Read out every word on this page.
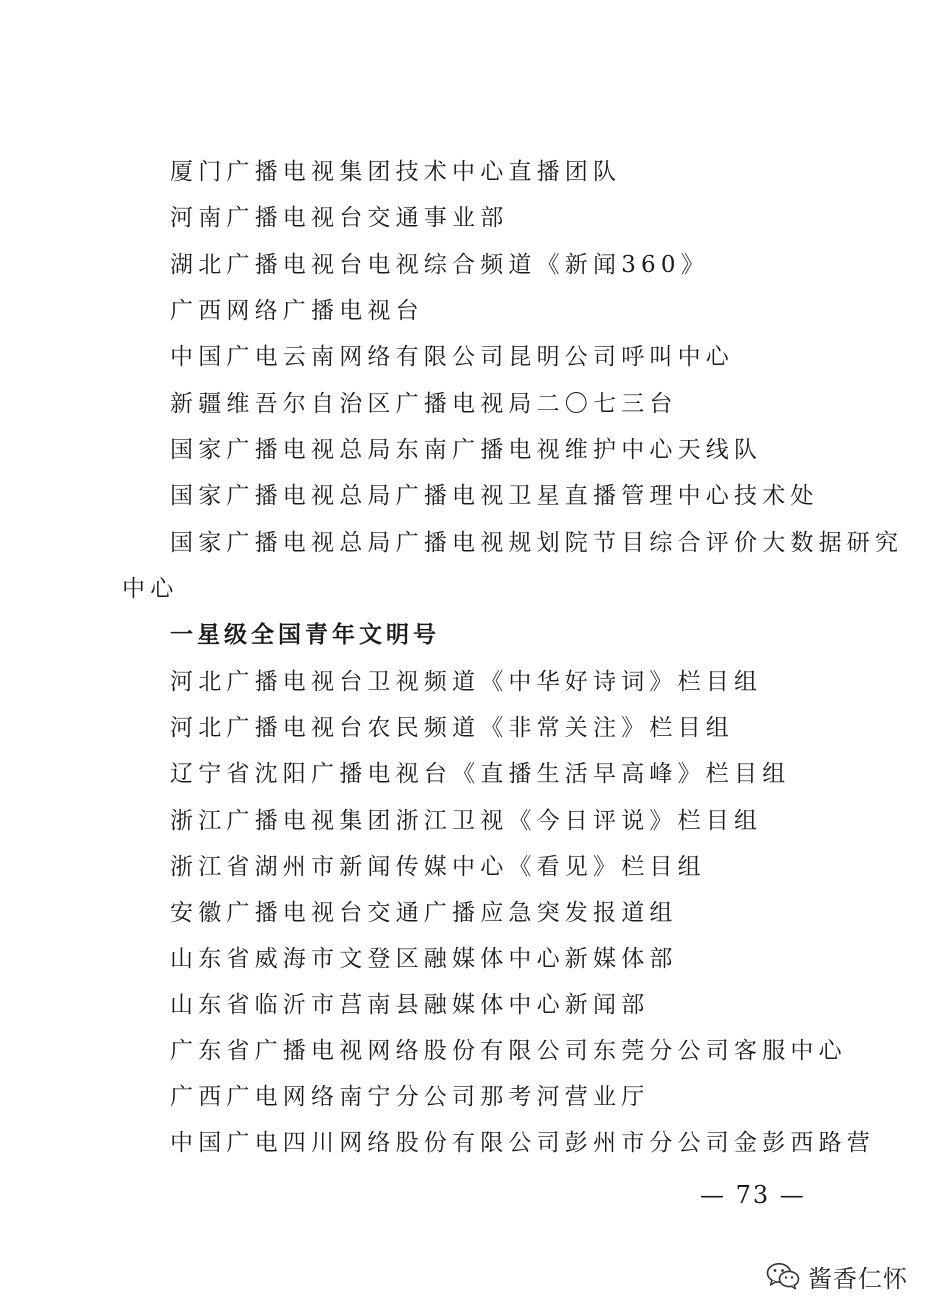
厦门广播电视集团技术中心直播团队
河南广播电视台交通事业部
湖北广播电视台电视综合频道《新闻360》
广西网络广播电视台
中国广电云南网络有限公司昆明公司呼叫中心
新疆维吾尔自治区广播电视局二〇七三台
国家广播电视总局东南广播电视维护中心天线队
国家广播电视总局广播电视卫星直播管理中心技术处
国家广播电视总局广播电视规划院节目综合评价大数据研究
中心
一星级全国青年文明号
河北广播电视台卫视频道《中华好诗词》栏目组
河北广播电视台农民频道《非常关注》栏目组
辽宁省沈阳广播电视台《直播生活早高峰》栏目组
浙江广播电视集团浙江卫视《今日评说》栏目组
浙江省湖州市新闻传媒中心《看见》栏目组
安徽广播电视台交通广播应急突发报道组
山东省威海市文登区融媒体中心新媒体部
山东省临沂市莒南县融媒体中心新闻部
广东省广播电视网络股份有限公司东莞分公司客服中心
广西广电网络南宁分公司那考河营业厅
中国广电四川网络股份有限公司彭州市分公司金彭西路营
— 73 —
酱香仁怀
